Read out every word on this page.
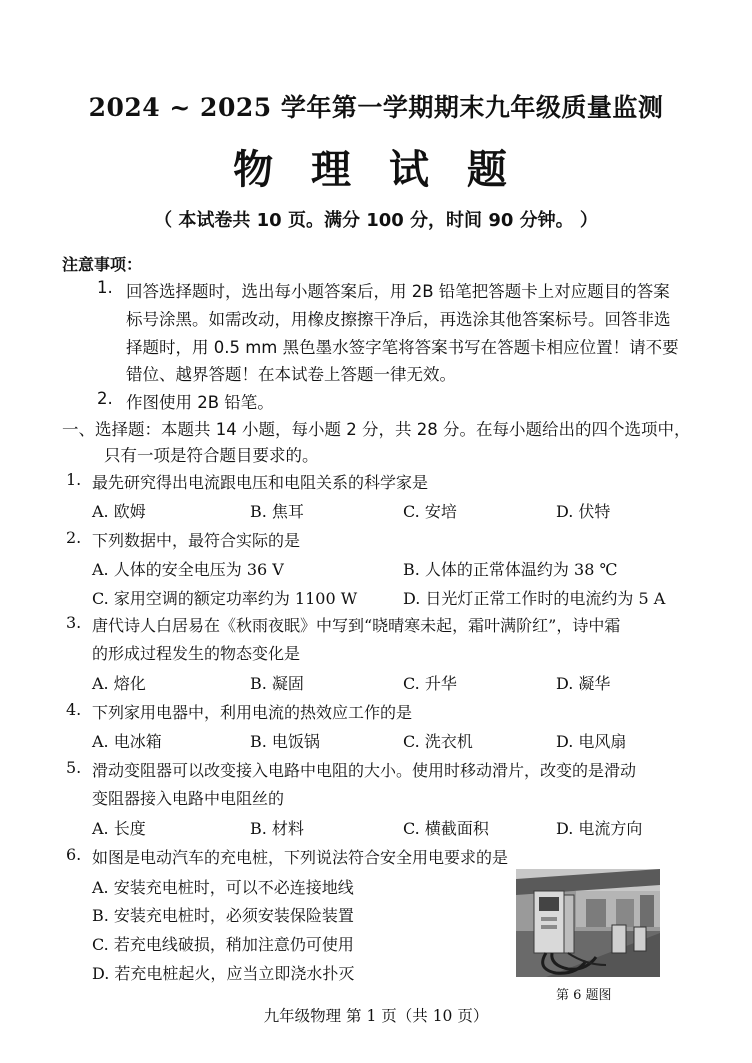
2024 ~ 2025 学年第一学期期末九年级质量监测
物 理 试 题
（ 本试卷共 10 页。满分 100 分，时间 90 分钟。 ）
注意事项：
1. 回答选择题时，选出每小题答案后，用 2B 铅笔把答题卡上对应题目的答案
标号涂黑。如需改动，用橡皮擦擦干净后，再选涂其他答案标号。回答非选
择题时，用 0.5 mm 黑色墨水签字笔将答案书写在答题卡相应位置！请不要
错位、越界答题！在本试卷上答题一律无效。
2. 作图使用 2B 铅笔。
一、选择题：本题共 14 小题，每小题 2 分，共 28 分。在每小题给出的四个选项中，
只有一项是符合题目要求的。
1. 最先研究得出电流跟电压和电阻关系的科学家是
A. 欧姆	B. 焦耳	C. 安培	D. 伏特
2. 下列数据中，最符合实际的是
A. 人体的安全电压为 36 V	B. 人体的正常体温约为 38 ℃
C. 家用空调的额定功率约为 1100 W	D. 日光灯正常工作时的电流约为 5 A
3. 唐代诗人白居易在《秋雨夜眠》中写到“晓晴寒未起，霜叶满阶红”，诗中霜
的形成过程发生的物态变化是
A. 熔化	B. 凝固	C. 升华	D. 凝华
4. 下列家用电器中，利用电流的热效应工作的是
A. 电冰箱	B. 电饭锅	C. 洗衣机	D. 电风扇
5. 滑动变阻器可以改变接入电路中电阻的大小。使用时移动滑片，改变的是滑动
变阻器接入电路中电阻丝的
A. 长度	B. 材料	C. 横截面积	D. 电流方向
6. 如图是电动汽车的充电桩，下列说法符合安全用电要求的是
A. 安装充电桩时，可以不必连接地线
B. 安装充电桩时，必须安装保险装置
C. 若充电线破损，稍加注意仍可使用
D. 若充电桩起火，应当立即浇水扑灭
第 6 题图
九年级物理 第 1 页（共 10 页）
